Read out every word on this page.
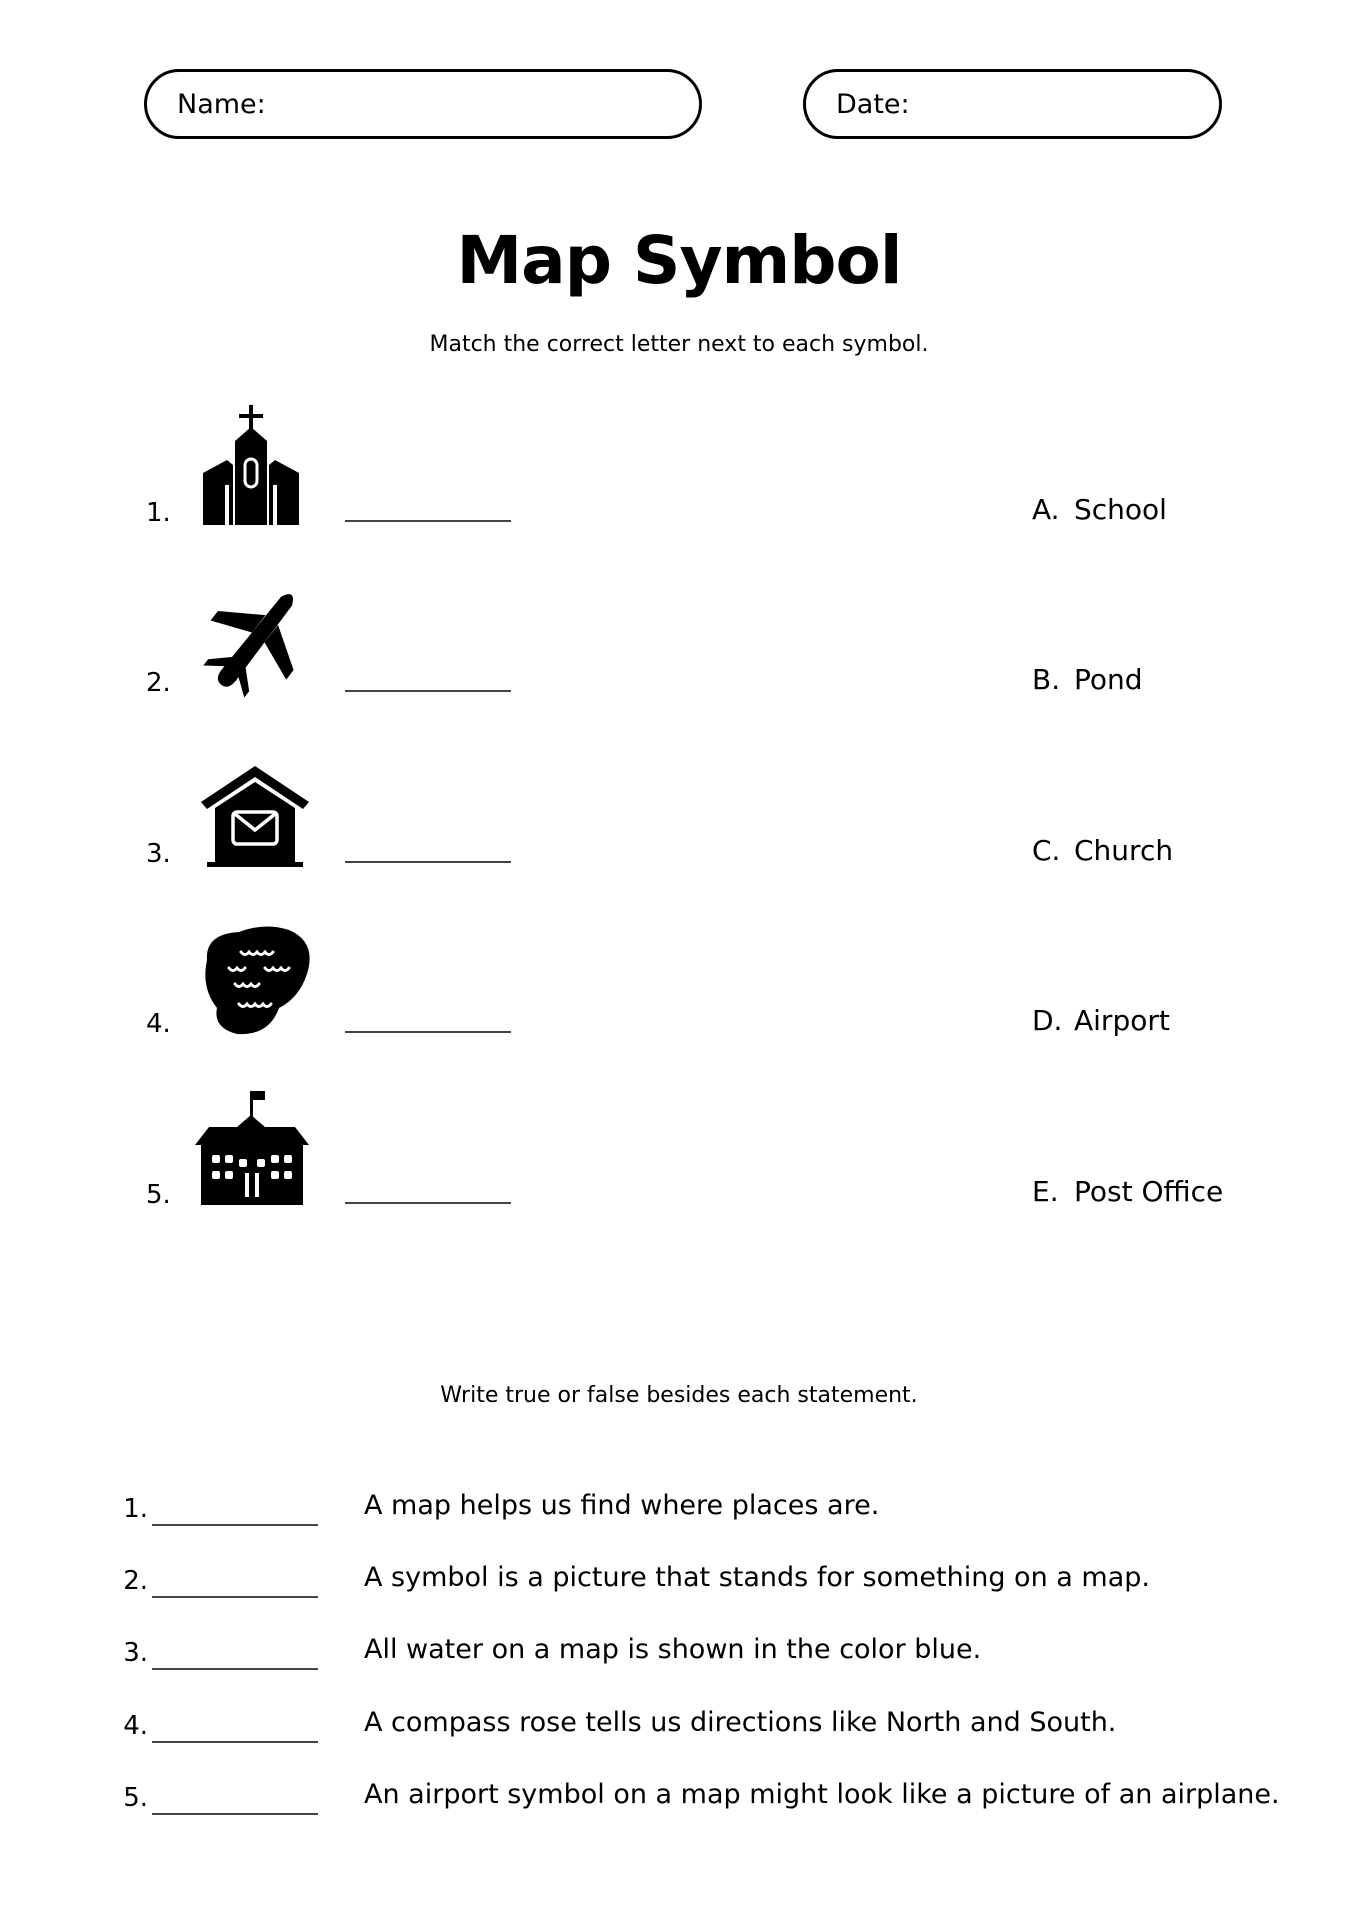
Name:	Date:
Map Symbol
Match the correct letter next to each symbol.
1.	A. School
2.	B. Pond
3.	C. Church
4.	D. Airport
5.	E. Post Office
Write true or false besides each statement.
1.	A map helps us find where places are.
2.	A symbol is a picture that stands for something on a map.
3.	All water on a map is shown in the color blue.
4.	A compass rose tells us directions like North and South.
5.	An airport symbol on a map might look like a picture of an airplane.
